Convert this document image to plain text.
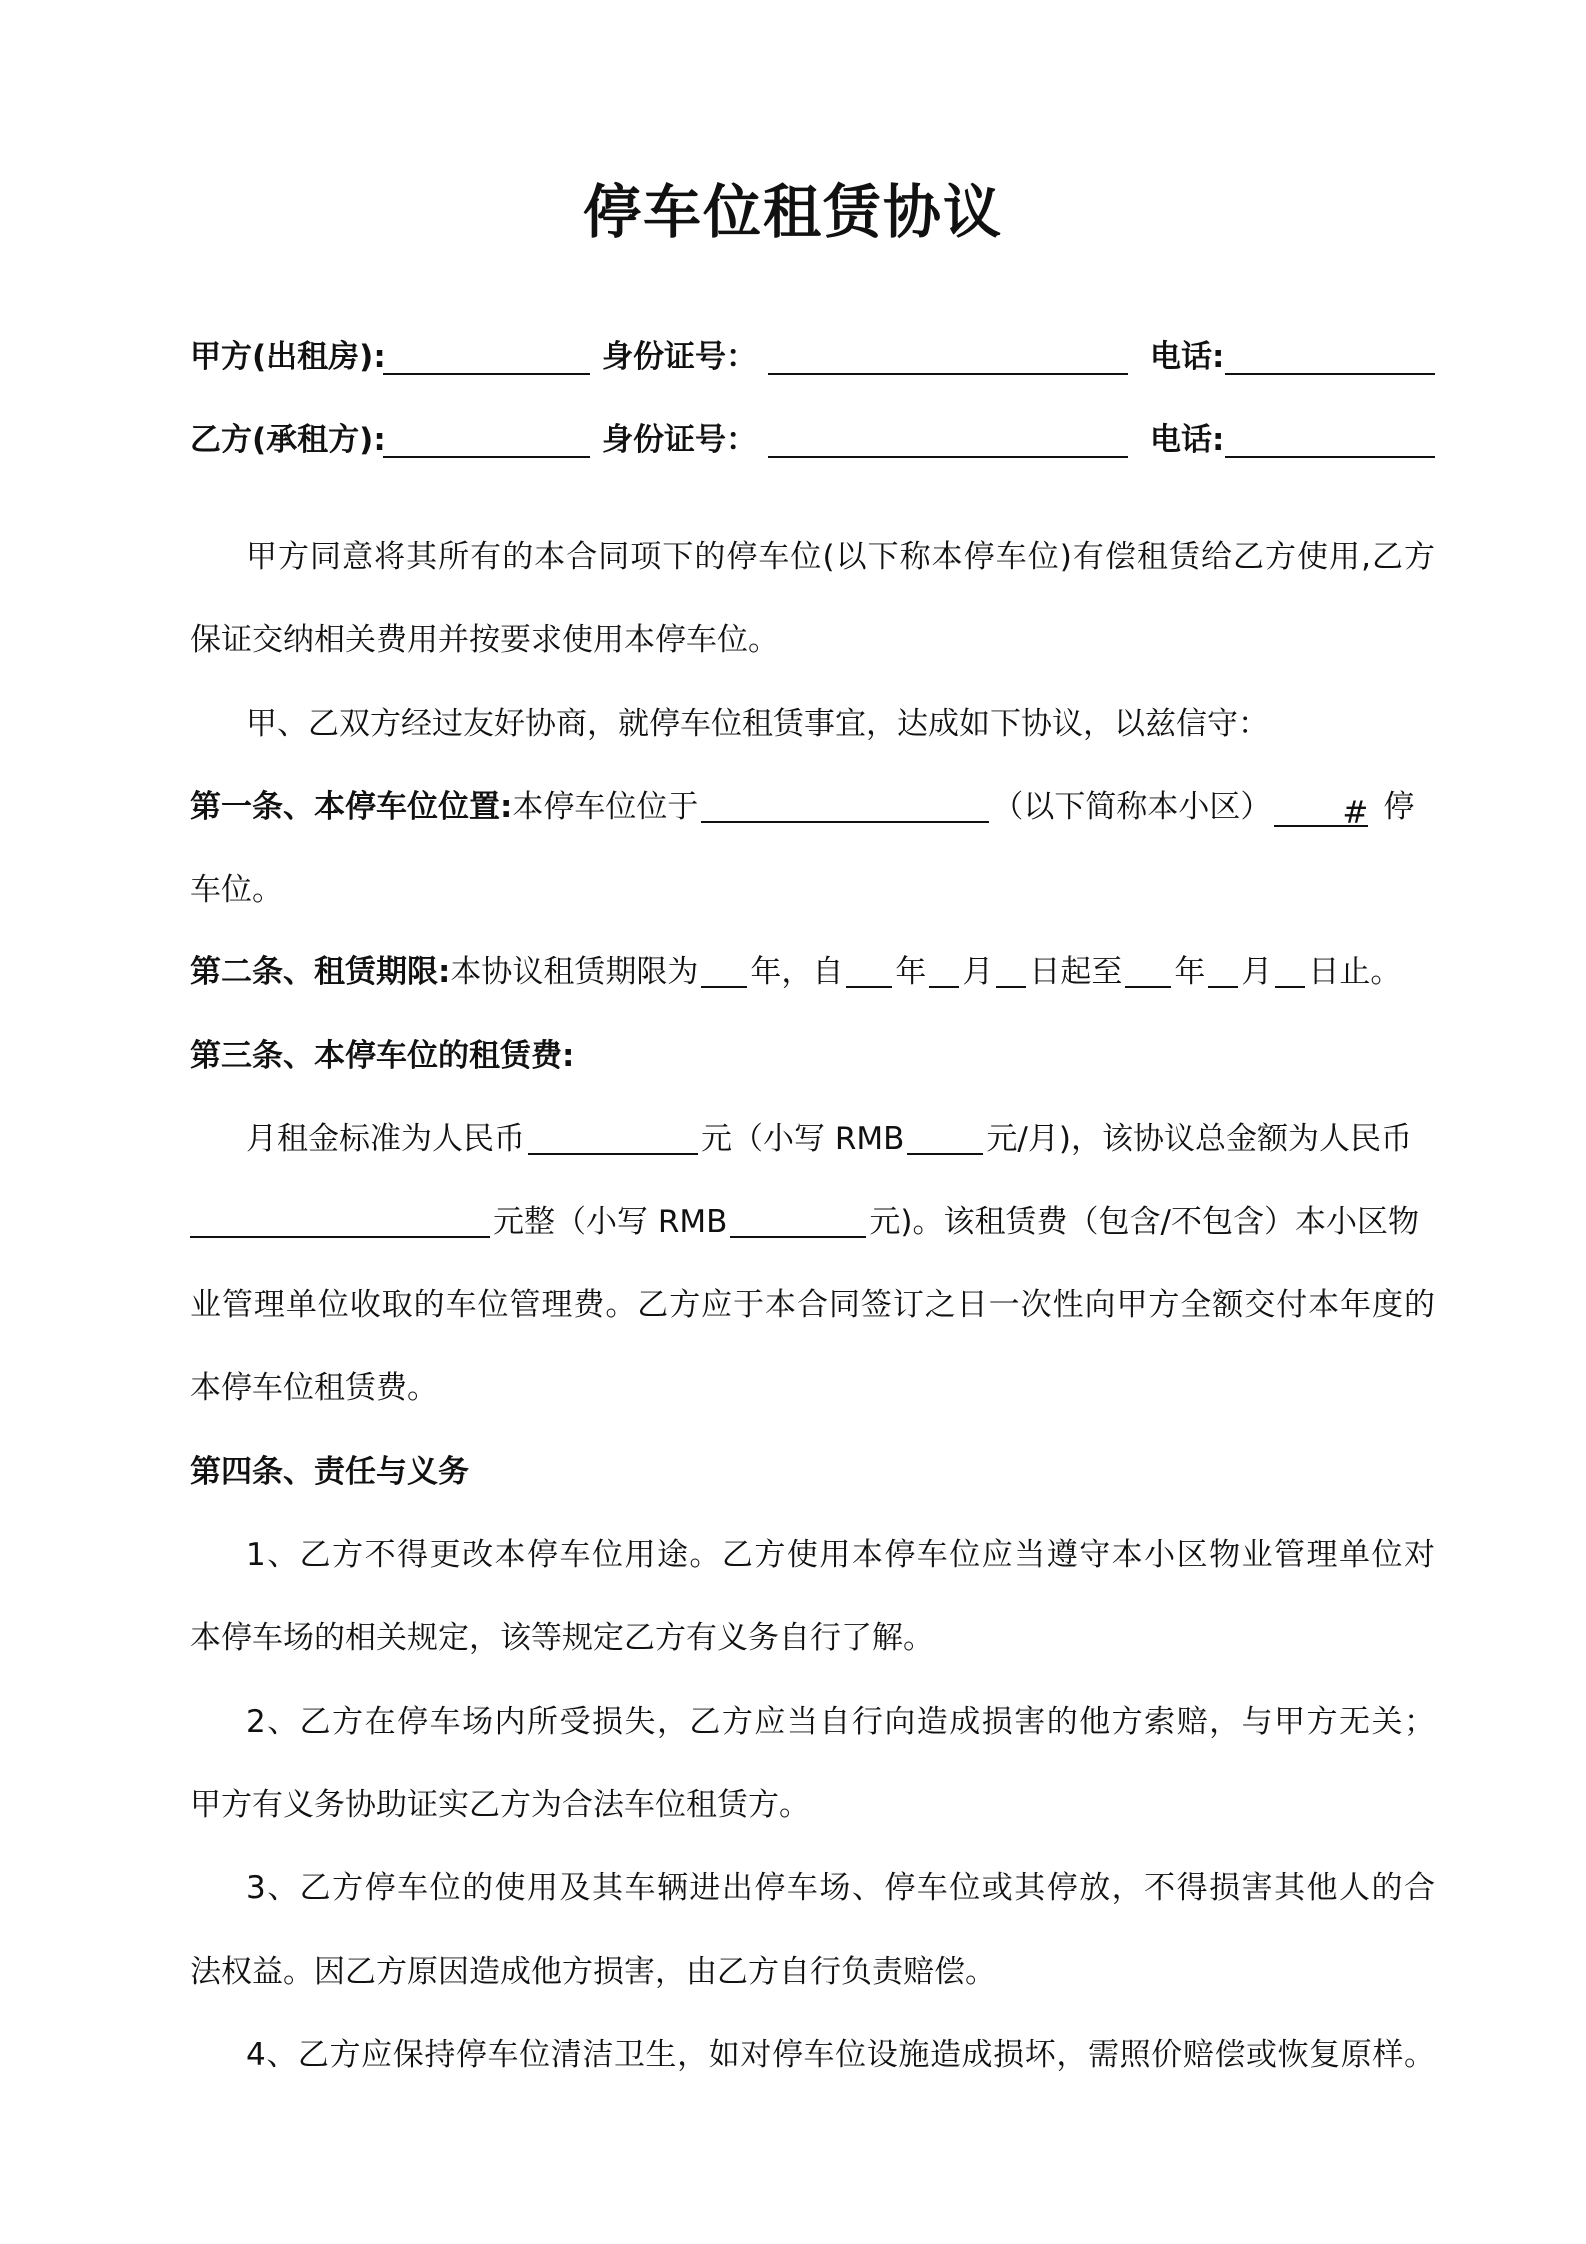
停车位租赁协议
甲方(出租房):	身份证号：	电话:
乙方(承租方):	身份证号：	电话:
甲方同意将其所有的本合同项下的停车位(以下称本停车位)有偿租赁给乙方使用,乙方
保证交纳相关费用并按要求使用本停车位。
甲、乙双方经过友好协商，就停车位租赁事宜，达成如下协议，以兹信守：
第一条、本停车位位置:本停车位位于	（以下简称本小区） # 停
车位。
第二条、租赁期限:本协议租赁期限为 年，自 年 月 日起至 年 月 日止。
第三条、本停车位的租赁费:
月租金标准为人民币	元（小写 RMB	元/月)，该协议总金额为人民币
元整（小写 RMB	元)。该租赁费（包含/不包含）本小区物
业管理单位收取的车位管理费。乙方应于本合同签订之日一次性向甲方全额交付本年度的
本停车位租赁费。
第四条、责任与义务
1、乙方不得更改本停车位用途。乙方使用本停车位应当遵守本小区物业管理单位对
本停车场的相关规定，该等规定乙方有义务自行了解。
2、乙方在停车场内所受损失，乙方应当自行向造成损害的他方索赔，与甲方无关；
甲方有义务协助证实乙方为合法车位租赁方。
3、乙方停车位的使用及其车辆进出停车场、停车位或其停放，不得损害其他人的合
法权益。因乙方原因造成他方损害，由乙方自行负责赔偿。
4、乙方应保持停车位清洁卫生，如对停车位设施造成损坏，需照价赔偿或恢复原样。
